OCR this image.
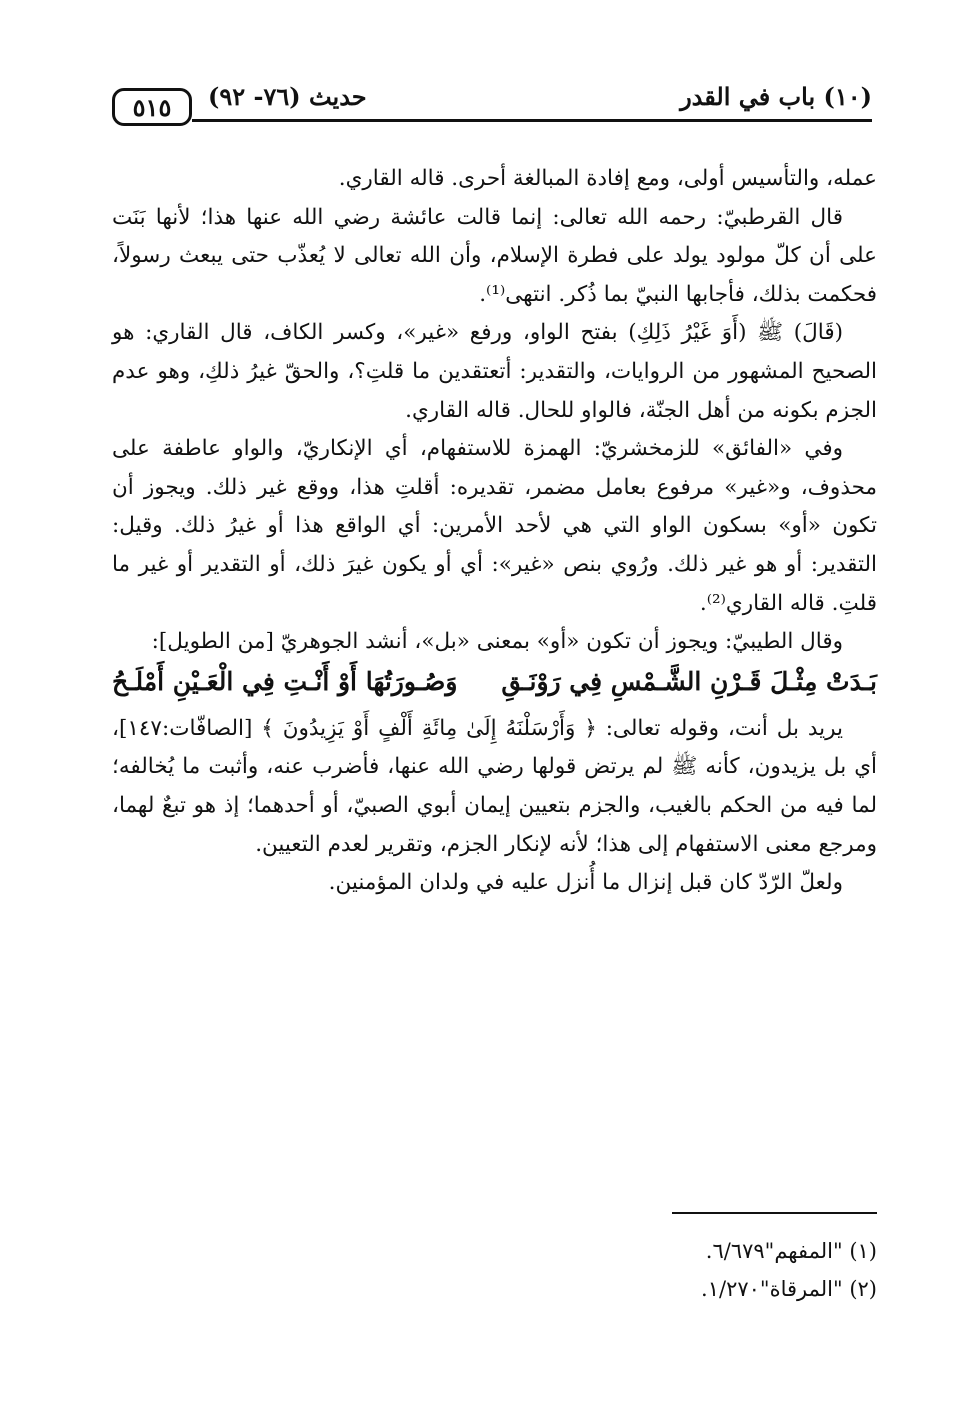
٥١٥	حديث (٧٦- ٩٢)	(١٠) باب في القدر

عمله، والتأسيس أولى، ومع إفادة المبالغة أحرى. قاله القاري.

قال القرطبيّ: رحمه الله تعالى: إنما قالت عائشة رضي الله عنها هذا؛ لأنها بَنَت على أن كلّ مولود يولد على فطرة الإسلام، وأن الله تعالى لا يُعذّب حتى يبعث رسولاً، فحكمت بذلك، فأجابها النبيّ بما ذُكر. انتهى⁽¹⁾.

(قَالَ) ﷺ (أَوَ غَيْرُ ذَلِكِ) بفتح الواو، ورفع «غير»، وكسر الكاف، قال القاري: هو الصحيح المشهور من الروايات، والتقدير: أتعتقدين ما قلتِ؟، والحقّ غيرُ ذلكِ، وهو عدم الجزم بكونه من أهل الجنّة، فالواو للحال. قاله القاري.

وفي «الفائق» للزمخشريّ: الهمزة للاستفهام، أي الإنكاريّ، والواو عاطفة على محذوف، و«غير» مرفوع بعامل مضمر، تقديره: أقلتِ هذا، ووقع غير ذلك. ويجوز أن تكون «أو» بسكون الواو التي هي لأحد الأمرين: أي الواقع هذا أو غيرُ ذلك. وقيل: التقدير: أو هو غير ذلك. ورُوي بنص «غير»: أي أو يكون غيرَ ذلك، أو التقدير أو غير ما قلتِ. قاله القاري⁽²⁾.

وقال الطيبيّ: ويجوز أن تكون «أو» بمعنى «بل»، أنشد الجوهريّ [من الطويل]:

بَـدَتْ مِثْـلَ قَـرْنِ الشَّـمْسِ فِي رَوْنَـقِ
وَصُـورَتُهَا أَوْ أَنْـتِ فِي الْعَـيْنِ أَمْلَـحُ

يريد بل أنت، وقوله تعالى: ﴿ وَأَرْسَلْنَهُ إِلَىٰ مِائَةِ أَلْفٍ أَوْ يَزِيدُونَ ﴾ [الصافّات:١٤٧]، أي بل يزيدون، كأنه ﷺ لم يرتض قولها رضي الله عنها، فأضرب عنه، وأثبت ما يُخالفه؛ لما فيه من الحكم بالغيب، والجزم بتعيين إيمان أبوي الصبيّ، أو أحدهما؛ إذ هو تبعٌ لهما، ومرجع معنى الاستفهام إلى هذا؛ لأنه لإنكار الجزم، وتقرير لعدم التعيين.

ولعلّ الرّدّ كان قبل إنزال ما أُنزل عليه في ولدان المؤمنين.

(١) "المفهم"٦/٦٧٩.

(٢) "المرقاة"١/٢٧٠.
